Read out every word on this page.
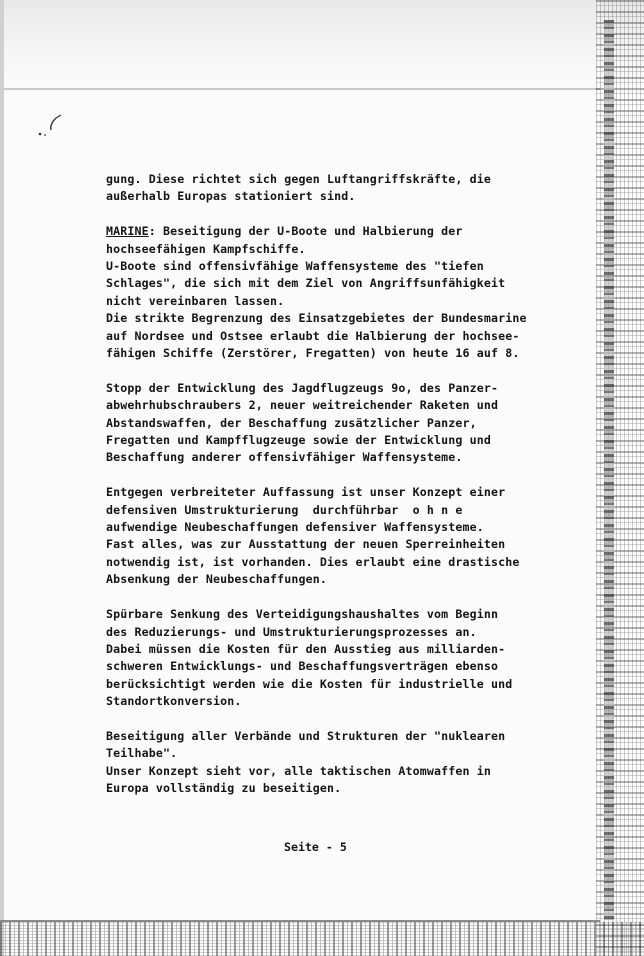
gung. Diese richtet sich gegen Luftangriffskräfte, die
außerhalb Europas stationiert sind.
MARINE: Beseitigung der U-Boote und Halbierung der
hochseefähigen Kampfschiffe.
U-Boote sind offensivfähige Waffensysteme des "tiefen
Schlages", die sich mit dem Ziel von Angriffsunfähigkeit
nicht vereinbaren lassen.
Die strikte Begrenzung des Einsatzgebietes der Bundesmarine
auf Nordsee und Ostsee erlaubt die Halbierung der hochsee-
fähigen Schiffe (Zerstörer, Fregatten) von heute 16 auf 8.
Stopp der Entwicklung des Jagdflugzeugs 9o, des Panzer-
abwehrhubschraubers 2, neuer weitreichender Raketen und
Abstandswaffen, der Beschaffung zusätzlicher Panzer,
Fregatten und Kampfflugzeuge sowie der Entwicklung und
Beschaffung anderer offensivfähiger Waffensysteme.
Entgegen verbreiteter Auffassung ist unser Konzept einer
defensiven Umstrukturierung  durchführbar  o h n e
aufwendige Neubeschaffungen defensiver Waffensysteme.
Fast alles, was zur Ausstattung der neuen Sperreinheiten
notwendig ist, ist vorhanden. Dies erlaubt eine drastische
Absenkung der Neubeschaffungen.
Spürbare Senkung des Verteidigungshaushaltes vom Beginn
des Reduzierungs- und Umstrukturierungsprozesses an.
Dabei müssen die Kosten für den Ausstieg aus milliarden-
schweren Entwicklungs- und Beschaffungsverträgen ebenso
berücksichtigt werden wie die Kosten für industrielle und
Standortkonversion.
Beseitigung aller Verbände und Strukturen der "nuklearen
Teilhabe".
Unser Konzept sieht vor, alle taktischen Atomwaffen in
Europa vollständig zu beseitigen.
Seite - 5
